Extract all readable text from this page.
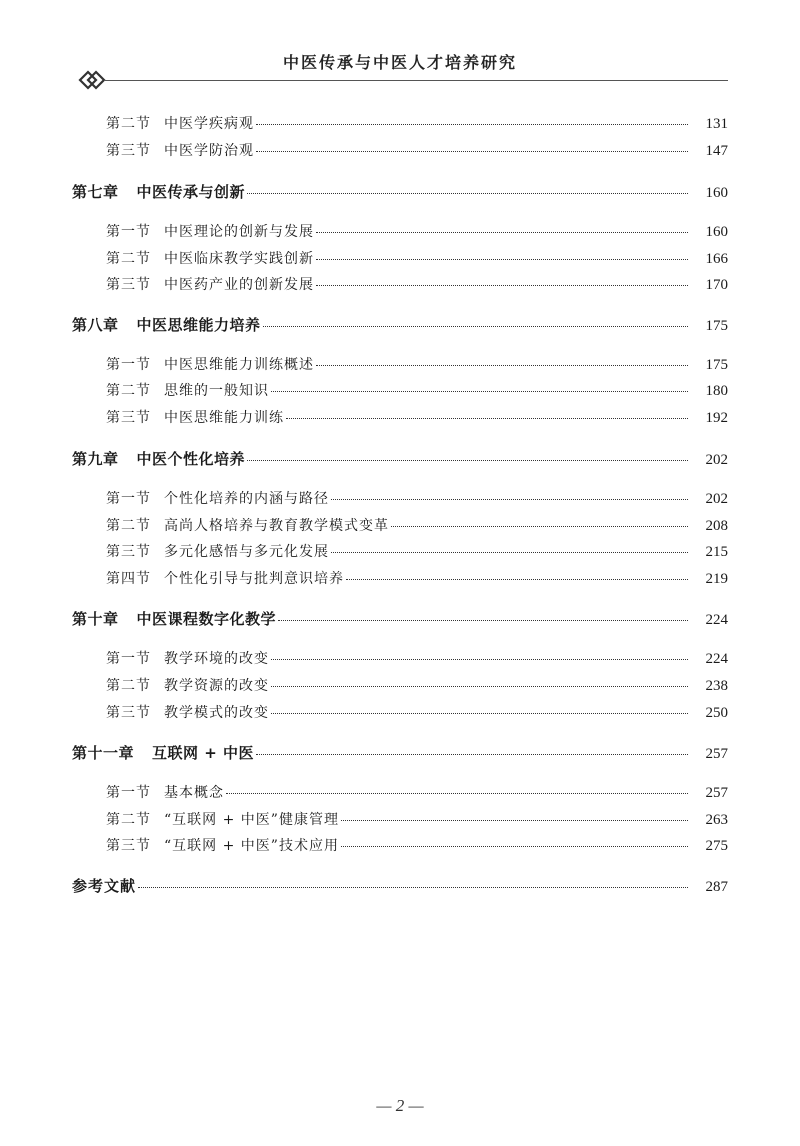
中医传承与中医人才培养研究
第二节 中医学疾病观	131
第三节 中医学防治观	147
第七章	中医传承与创新	160
第一节 中医理论的创新与发展	160
第二节 中医临床教学实践创新	166
第三节 中医药产业的创新发展	170
第八章	中医思维能力培养	175
第一节 中医思维能力训练概述	175
第二节 思维的一般知识	180
第三节 中医思维能力训练	192
第九章	中医个性化培养	202
第一节 个性化培养的内涵与路径	202
第二节 高尚人格培养与教育教学模式变革	208
第三节 多元化感悟与多元化发展	215
第四节 个性化引导与批判意识培养	219
第十章	中医课程数字化教学	224
第一节 教学环境的改变	224
第二节 教学资源的改变	238
第三节 教学模式的改变	250
第十一章	互联网 + 中医	257
第一节 基本概念	257
第二节 “互联网 + 中医”健康管理	263
第三节 “互联网 + 中医”技术应用	275
参考文献	287
— 2 —
